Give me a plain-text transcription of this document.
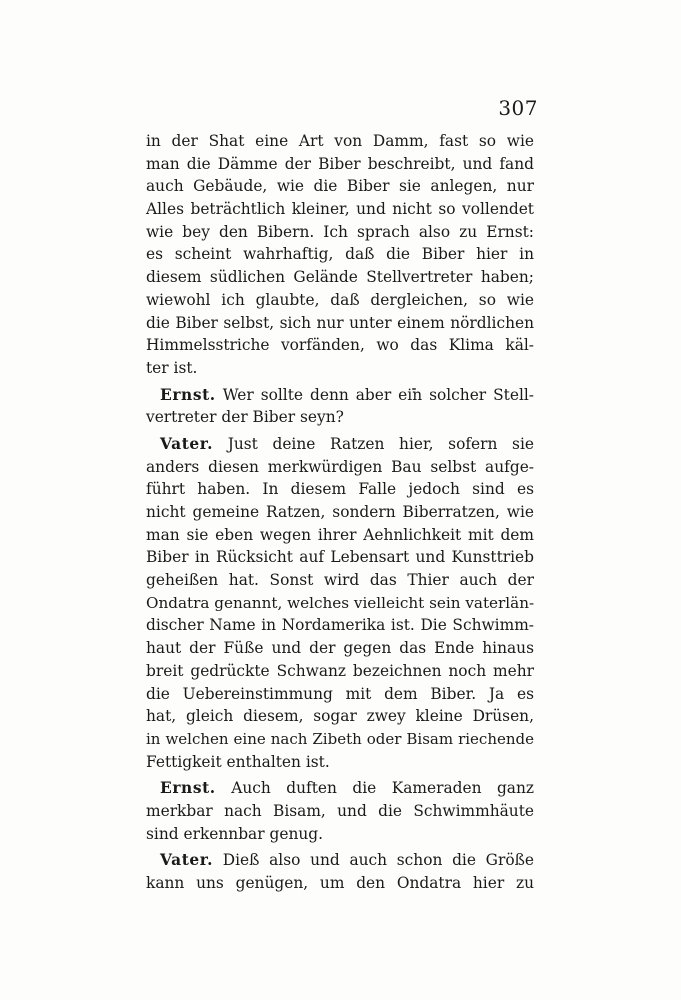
307
in der Shat eine Art von Damm, fast so wie
man die Dämme der Biber beschreibt, und fand
auch Gebäude, wie die Biber sie anlegen, nur
Alles beträchtlich kleiner, und nicht so vollendet
wie bey den Bibern. Ich sprach also zu Ernst:
es scheint wahrhaftig, daß die Biber hier in
diesem südlichen Gelände Stellvertreter haben;
wiewohl ich glaubte, daß dergleichen, so wie
die Biber selbst, sich nur unter einem nördlichen
Himmelsstriche vorfänden, wo das Klima käl-
ter ist.
Ernst. Wer sollte denn aber ein solcher Stell-
vertreter der Biber seyn?
Vater. Just deine Ratzen hier, sofern sie
anders diesen merkwürdigen Bau selbst aufge-
führt haben. In diesem Falle jedoch sind es
nicht gemeine Ratzen, sondern Biberratzen, wie
man sie eben wegen ihrer Aehnlichkeit mit dem
Biber in Rücksicht auf Lebensart und Kunsttrieb
geheißen hat. Sonst wird das Thier auch der
Ondatra genannt, welches vielleicht sein vaterlän-
discher Name in Nordamerika ist. Die Schwimm-
haut der Füße und der gegen das Ende hinaus
breit gedrückte Schwanz bezeichnen noch mehr
die Uebereinstimmung mit dem Biber. Ja es
hat, gleich diesem, sogar zwey kleine Drüsen,
in welchen eine nach Zibeth oder Bisam riechende
Fettigkeit enthalten ist.
Ernst. Auch duften die Kameraden ganz
merkbar nach Bisam, und die Schwimmhäute
sind erkennbar genug.
Vater. Dieß also und auch schon die Größe
kann uns genügen, um den Ondatra hier zu
